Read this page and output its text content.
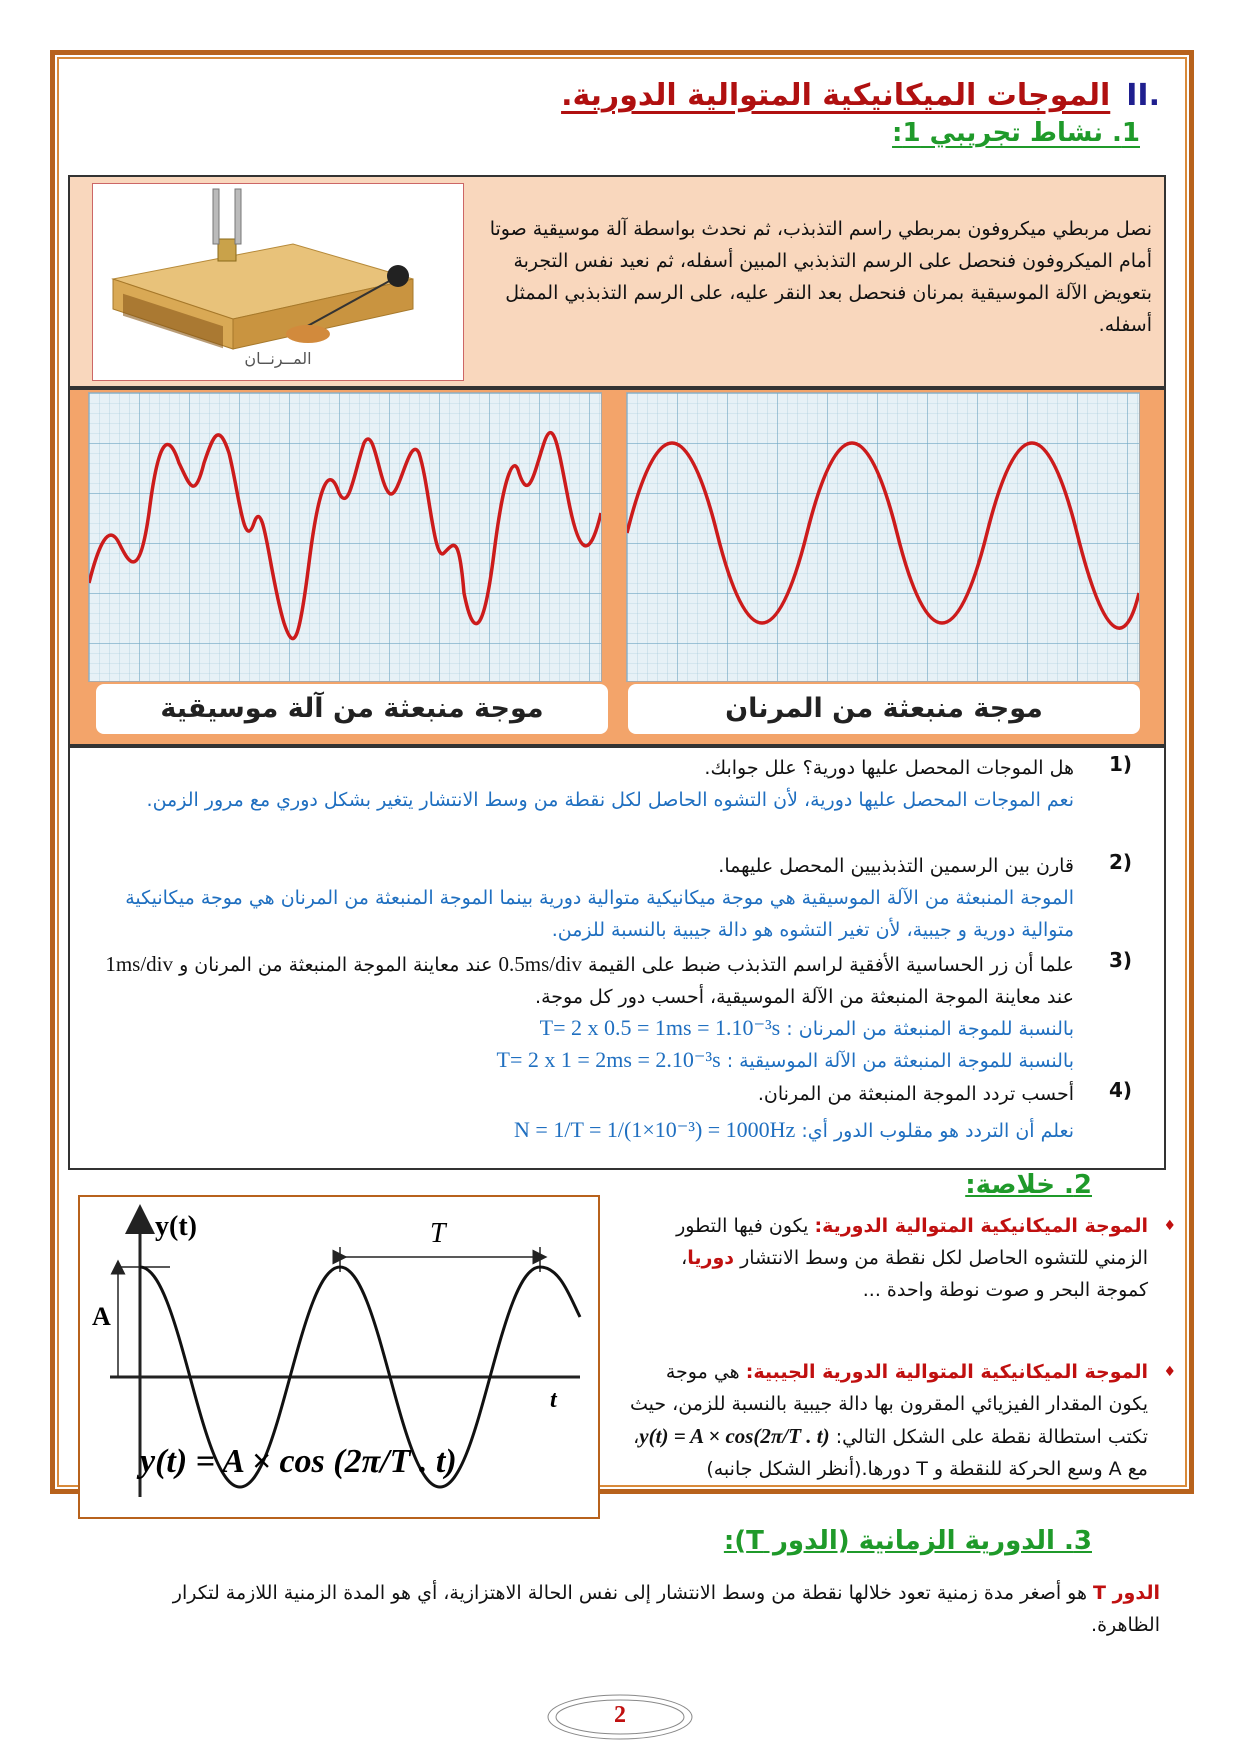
.IIالموجات الميكانيكية المتوالية الدورية.
1. نشاط تجريبي 1:
المــرنــان
نصل مربطي ميكروفون بمربطي راسم التذبذب، ثم نحدث بواسطة آلة موسيقية صوتا أمام الميكروفون فنحصل على الرسم التذبذبي المبين أسفله، ثم نعيد نفس التجربة بتعويض الآلة الموسيقية بمرنان فنحصل بعد النقر عليه، على الرسم التذبذبي الممثل أسفله.
موجة منبعثة من آلة موسيقية	موجة منبعثة من المرنان
1)
هل الموجات المحصل عليها دورية؟ علل جوابك.
نعم الموجات المحصل عليها دورية، لأن التشوه الحاصل لكل نقطة من وسط الانتشار يتغير بشكل دوري مع مرور الزمن.
2)
قارن بين الرسمين التذبذبيين المحصل عليهما.
الموجة المنبعثة من الآلة الموسيقية هي موجة ميكانيكية متوالية دورية بينما الموجة المنبعثة من المرنان هي موجة ميكانيكية متوالية دورية و جيبية، لأن تغير التشوه هو دالة جيبية بالنسبة للزمن.
3)
علما أن زر الحساسية الأفقية لراسم التذبذب ضبط على القيمة 0.5ms/div عند معاينة الموجة المنبعثة من المرنان و 1ms/div عند معاينة الموجة المنبعثة من الآلة الموسيقية، أحسب دور كل موجة.
بالنسبة للموجة المنبعثة من المرنان : T= 2 x 0.5 = 1ms = 1.10⁻³s
بالنسبة للموجة المنبعثة من الآلة الموسيقية : T= 2 x 1 = 2ms = 2.10⁻³s
4)
أحسب تردد الموجة المنبعثة من المرنان.
نعلم أن التردد هو مقلوب الدور أي: N = 1/T = 1/(1×10⁻³) = 1000Hz
2. خلاصة:
y(t)
t
A
T
y(t) = A × cos (2π/T . t)
♦
الموجة الميكانيكية المتوالية الدورية: يكون فيها التطور الزمني للتشوه الحاصل لكل نقطة من وسط الانتشار دوريا، كموجة البحر و صوت نوطة واحدة ...
♦
الموجة الميكانيكية المتوالية الدورية الجيبية: هي موجة يكون المقدار الفيزيائي المقرون بها دالة جيبية بالنسبة للزمن، حيث تكتب استطالة نقطة على الشكل التالي: y(t) = A × cos(2π/T . t)، مع A وسع الحركة للنقطة و T دورها.(أنظر الشكل جانبه)
3. الدورية الزمانية (الدور T):
الدور T هو أصغر مدة زمنية تعود خلالها نقطة من وسط الانتشار إلى نفس الحالة الاهتزازية، أي هو المدة الزمنية اللازمة لتكرار الظاهرة.
2
